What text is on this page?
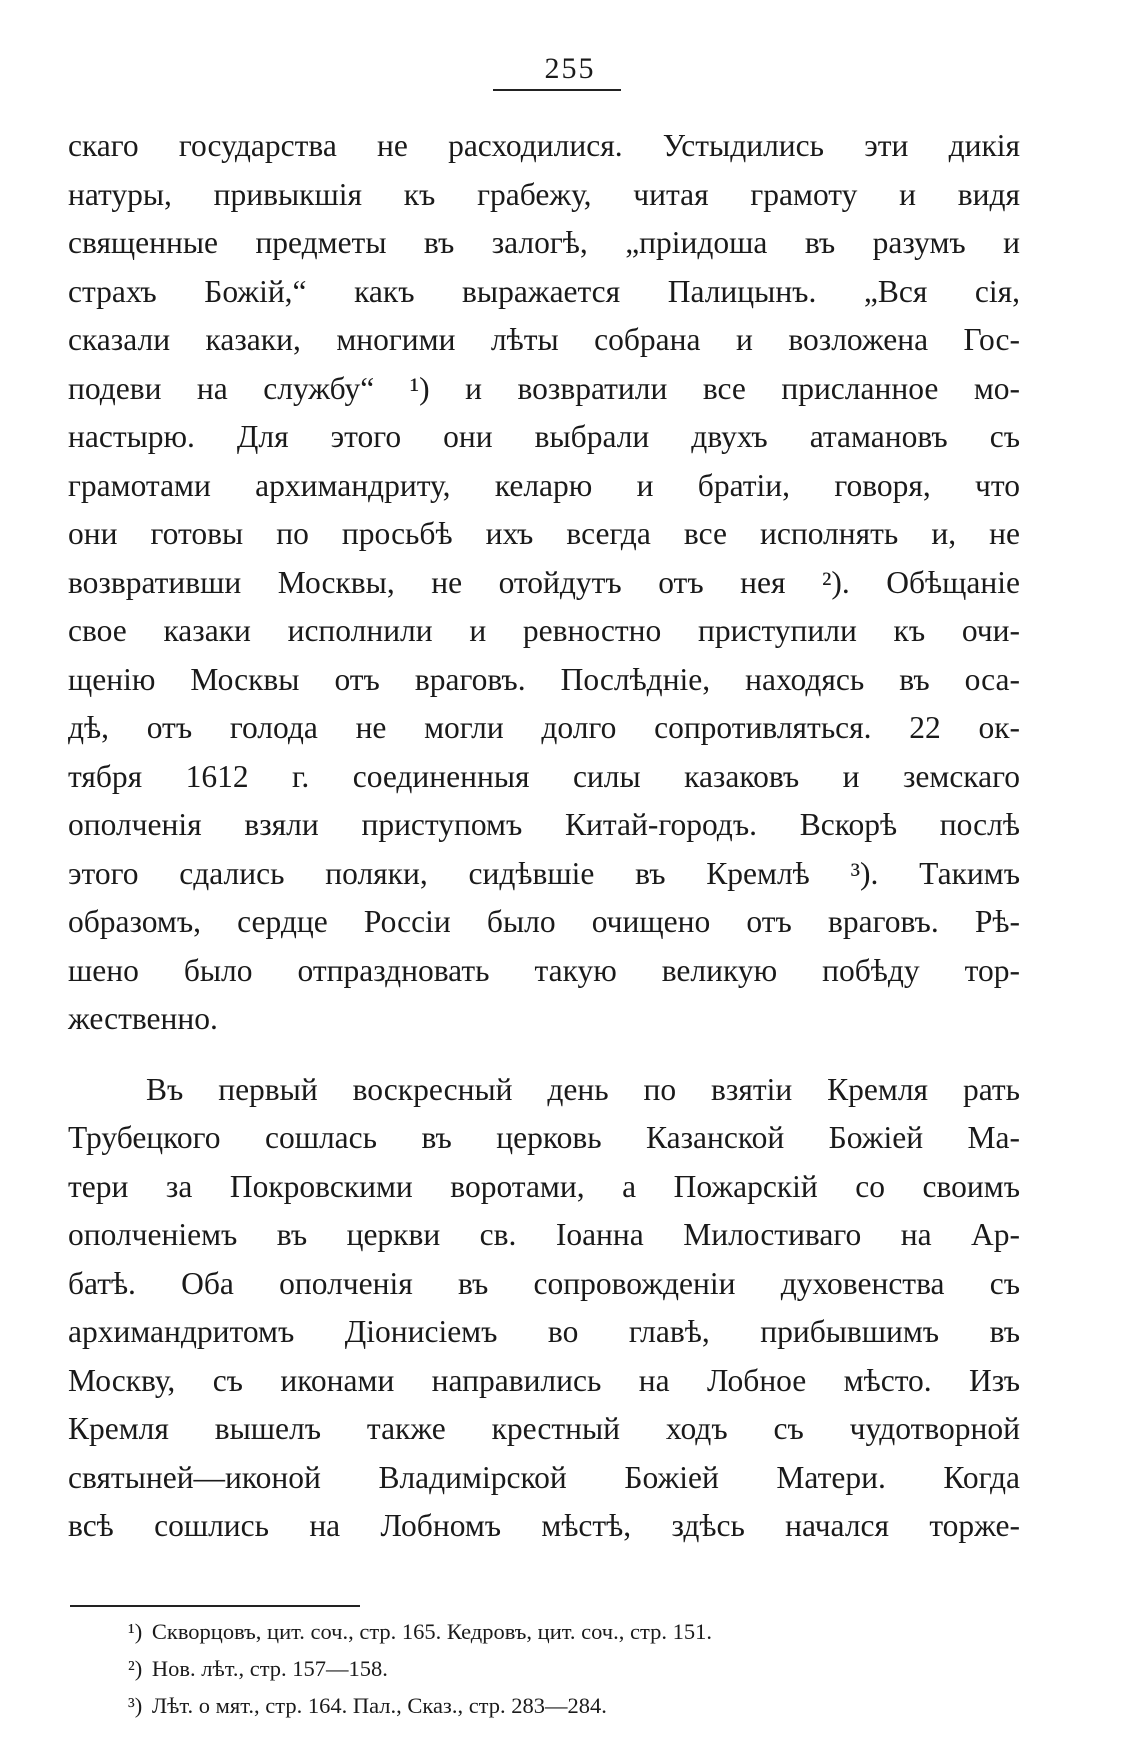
255
скаго государства не расходилися. Устыдились эти дикія
натуры, привыкшія къ грабежу, читая грамоту и видя
священные предметы въ залогѣ, „пріидоша въ разумъ и
страхъ Божій,“ какъ выражается Палицынъ. „Вся сія,
сказали казаки, многими лѣты собрана и возложена Гос-
подеви на службу“ ¹) и возвратили все присланное мо-
настырю. Для этого они выбрали двухъ атамановъ съ
грамотами архимандриту, келарю и братіи, говоря, что
они готовы по просьбѣ ихъ всегда все исполнять и, не
возвративши Москвы, не отойдутъ отъ нея ²). Обѣщаніе
свое казаки исполнили и ревностно приступили къ очи-
щенію Москвы отъ враговъ. Послѣдніе, находясь въ оса-
дѣ, отъ голода не могли долго сопротивляться. 22 ок-
тября 1612 г. соединенныя силы казаковъ и земскаго
ополченія взяли приступомъ Китай-городъ. Вскорѣ послѣ
этого сдались поляки, сидѣвшіе въ Кремлѣ ³). Такимъ
образомъ, сердце Россіи было очищено отъ враговъ. Рѣ-
шено было отпраздновать такую великую побѣду тор-
жественно.
Въ первый воскресный день по взятіи Кремля рать
Трубецкого сошлась въ церковь Казанской Божіей Ма-
тери за Покровскими воротами, а Пожарскій со своимъ
ополченіемъ въ церкви св. Іоанна Милостиваго на Ар-
батѣ. Оба ополченія въ сопровожденіи духовенства съ
архимандритомъ Діонисіемъ во главѣ, прибывшимъ въ
Москву, съ иконами направились на Лобное мѣсто. Изъ
Кремля вышелъ также крестный ходъ съ чудотворной
святыней—иконой Владимірской Божіей Матери. Когда
всѣ сошлись на Лобномъ мѣстѣ, здѣсь начался торже-
¹) Скворцовъ, цит. соч., стр. 165. Кедровъ, цит. соч., стр. 151.
²) Нов. лѣт., стр. 157—158.
³) Лѣт. о мят., стр. 164. Пал., Сказ., стр. 283—284.
